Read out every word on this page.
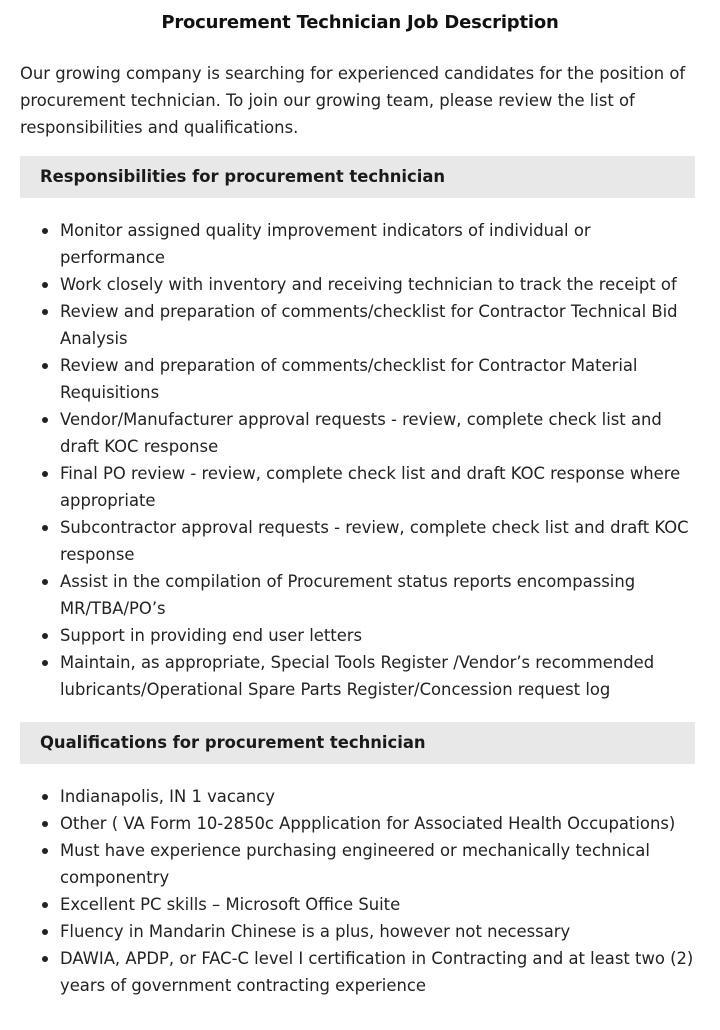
Procurement Technician Job Description

Our growing company is searching for experienced candidates for the position of procurement technician. To join our growing team, please review the list of responsibilities and qualifications.

Responsibilities for procurement technician
Monitor assigned quality improvement indicators of individual or performance
Work closely with inventory and receiving technician to track the receipt of
Review and preparation of comments/checklist for Contractor Technical Bid Analysis
Review and preparation of comments/checklist for Contractor Material Requisitions
Vendor/Manufacturer approval requests - review, complete check list and draft KOC response
Final PO review - review, complete check list and draft KOC response where appropriate
Subcontractor approval requests - review, complete check list and draft KOC response
Assist in the compilation of Procurement status reports encompassing MR/TBA/PO’s
Support in providing end user letters
Maintain, as appropriate, Special Tools Register /Vendor’s recommended lubricants/Operational Spare Parts Register/Concession request log
Qualifications for procurement technician
Indianapolis, IN 1 vacancy
Other ( VA Form 10-2850c Appplication for Associated Health Occupations)
Must have experience purchasing engineered or mechanically technical componentry
Excellent PC skills – Microsoft Office Suite
Fluency in Mandarin Chinese is a plus, however not necessary
DAWIA, APDP, or FAC-C level I certification in Contracting and at least two (2) years of government contracting experience
